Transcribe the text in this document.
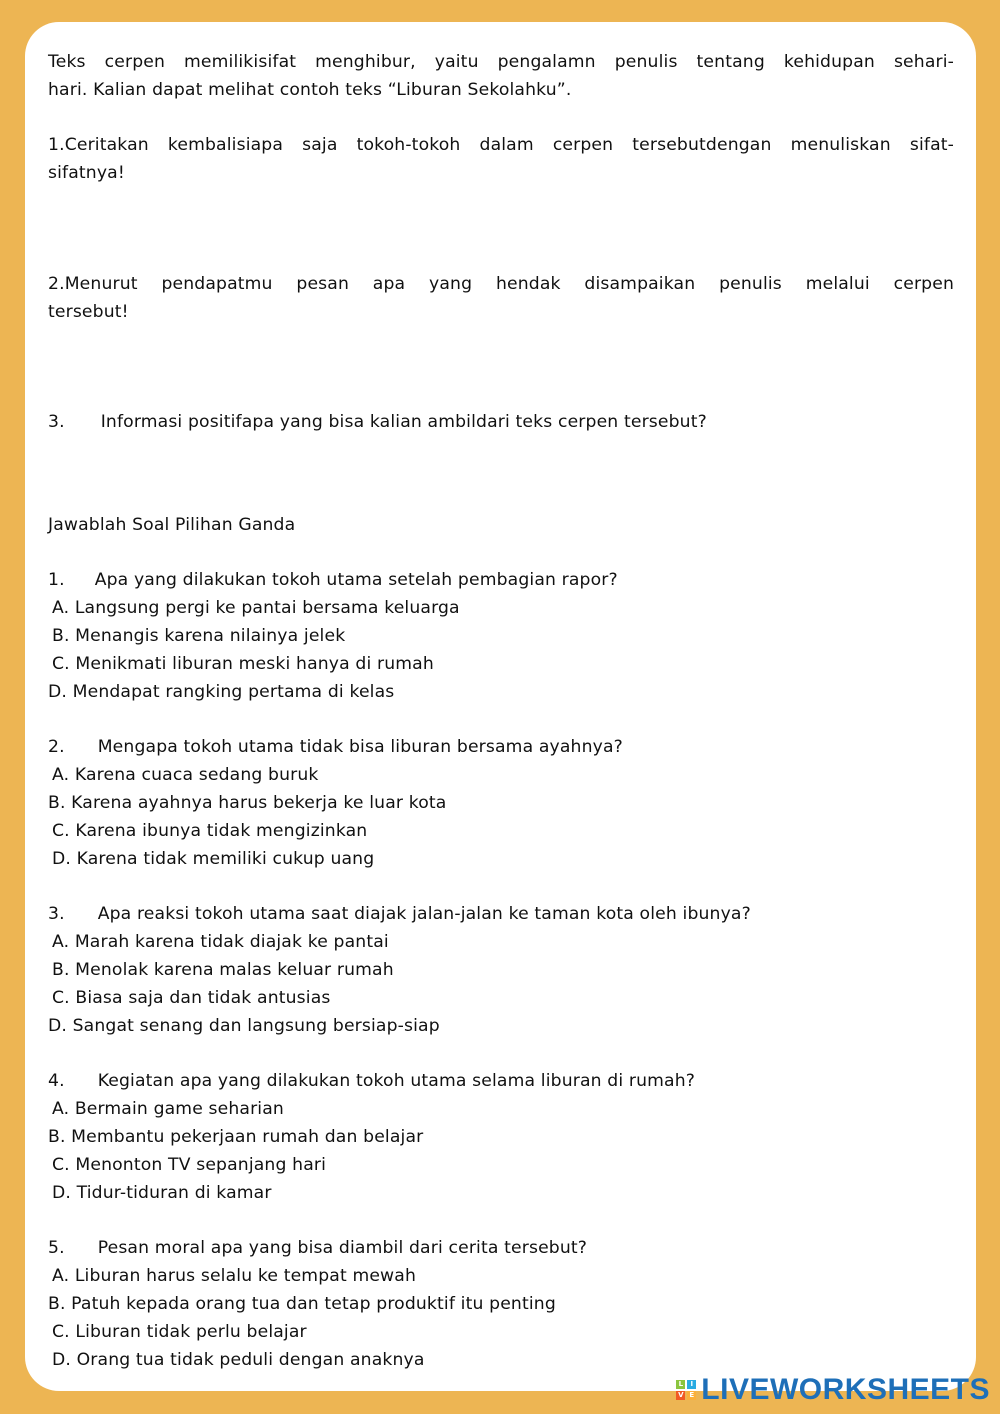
Teks cerpen memilikisifat menghibur, yaitu pengalamn penulis tentang kehidupan sehari-
hari. Kalian dapat melihat contoh teks “Liburan Sekolahku”.
1.Ceritakan kembalisiapa saja tokoh-tokoh dalam cerpen tersebutdengan menuliskan sifat-
sifatnya!
2.Menurut pendapatmu pesan apa yang hendak disampaikan penulis melalui cerpen
tersebut!
3. Informasi positifapa yang bisa kalian ambildari teks cerpen tersebut?
Jawablah Soal Pilihan Ganda
1. Apa yang dilakukan tokoh utama setelah pembagian rapor?
A. Langsung pergi ke pantai bersama keluarga
B. Menangis karena nilainya jelek
C. Menikmati liburan meski hanya di rumah
D. Mendapat rangking pertama di kelas
2. Mengapa tokoh utama tidak bisa liburan bersama ayahnya?
A. Karena cuaca sedang buruk
B. Karena ayahnya harus bekerja ke luar kota
C. Karena ibunya tidak mengizinkan
D. Karena tidak memiliki cukup uang
3. Apa reaksi tokoh utama saat diajak jalan-jalan ke taman kota oleh ibunya?
A. Marah karena tidak diajak ke pantai
B. Menolak karena malas keluar rumah
C. Biasa saja dan tidak antusias
D. Sangat senang dan langsung bersiap-siap
4. Kegiatan apa yang dilakukan tokoh utama selama liburan di rumah?
A. Bermain game seharian
B. Membantu pekerjaan rumah dan belajar
C. Menonton TV sepanjang hari
D. Tidur-tiduran di kamar
5. Pesan moral apa yang bisa diambil dari cerita tersebut?
A. Liburan harus selalu ke tempat mewah
B. Patuh kepada orang tua dan tetap produktif itu penting
C. Liburan tidak perlu belajar
D. Orang tua tidak peduli dengan anaknya
L	I
V E LIVEWORKSHEETS
